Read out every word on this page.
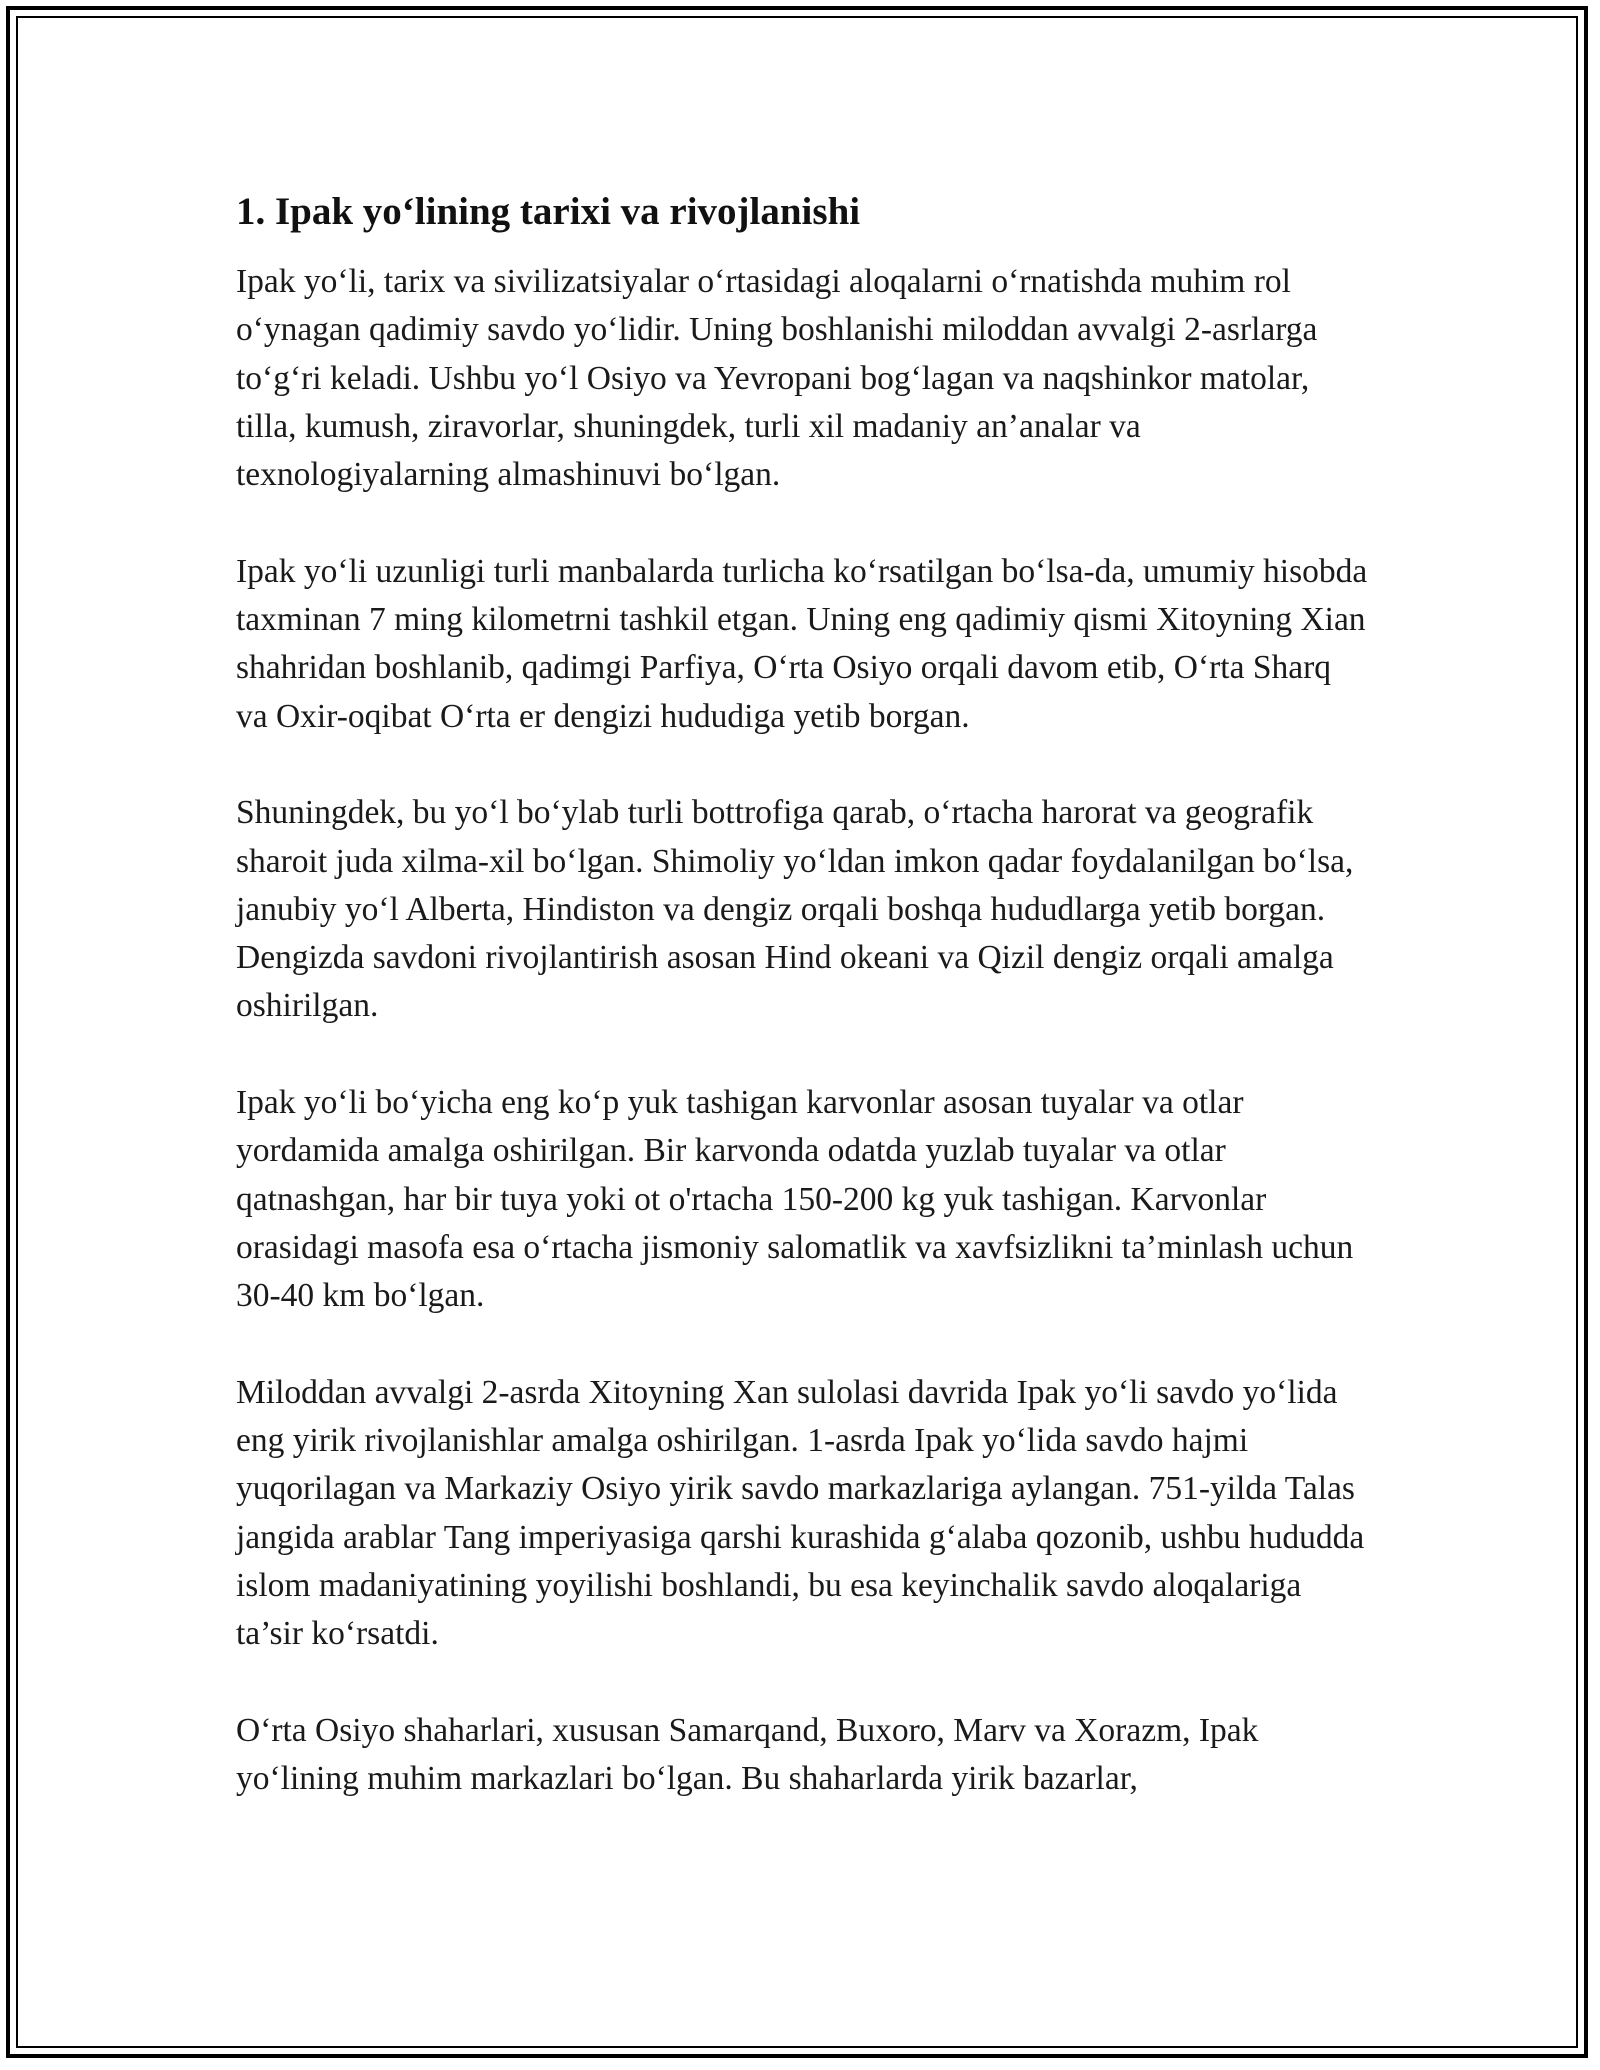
1. Ipak yo‘lining tarixi va rivojlanishi

Ipak yo‘li, tarix va sivilizatsiyalar o‘rtasidagi aloqalarni o‘rnatishda muhim rol o‘ynagan qadimiy savdo yo‘lidir. Uning boshlanishi miloddan avvalgi 2-asrlarga to‘g‘ri keladi. Ushbu yo‘l Osiyo va Yevropani bog‘lagan va naqshinkor matolar, tilla, kumush, ziravorlar, shuningdek, turli xil madaniy an’analar va texnologiyalarning almashinuvi bo‘lgan.

Ipak yo‘li uzunligi turli manbalarda turlicha ko‘rsatilgan bo‘lsa-da, umumiy hisobda taxminan 7 ming kilometrni tashkil etgan. Uning eng qadimiy qismi Xitoyning Xian shahridan boshlanib, qadimgi Parfiya, O‘rta Osiyo orqali davom etib, O‘rta Sharq va Oxir-oqibat O‘rta er dengizi hududiga yetib borgan.

Shuningdek, bu yo‘l bo‘ylab turli bottrofiga qarab, o‘rtacha harorat va geografik sharoit juda xilma-xil bo‘lgan. Shimoliy yo‘ldan imkon qadar foydalanilgan bo‘lsa, janubiy yo‘l Alberta, Hindiston va dengiz orqali boshqa hududlarga yetib borgan. Dengizda savdoni rivojlantirish asosan Hind okeani va Qizil dengiz orqali amalga oshirilgan.

Ipak yo‘li bo‘yicha eng ko‘p yuk tashigan karvonlar asosan tuyalar va otlar yordamida amalga oshirilgan. Bir karvonda odatda yuzlab tuyalar va otlar qatnashgan, har bir tuya yoki ot o'rtacha 150-200 kg yuk tashigan. Karvonlar orasidagi masofa esa o‘rtacha jismoniy salomatlik va xavfsizlikni ta’minlash uchun 30-40 km bo‘lgan.

Miloddan avvalgi 2-asrda Xitoyning Xan sulolasi davrida Ipak yo‘li savdo yo‘lida eng yirik rivojlanishlar amalga oshirilgan. 1-asrda Ipak yo‘lida savdo hajmi yuqorilagan va Markaziy Osiyo yirik savdo markazlariga aylangan. 751-yilda Talas jangida arablar Tang imperiyasiga qarshi kurashida g‘alaba qozonib, ushbu hududda islom madaniyatining yoyilishi boshlandi, bu esa keyinchalik savdo aloqalariga ta’sir ko‘rsatdi.

O‘rta Osiyo shaharlari, xususan Samarqand, Buxoro, Marv va Xorazm, Ipak yo‘lining muhim markazlari bo‘lgan. Bu shaharlarda yirik bazarlar,
